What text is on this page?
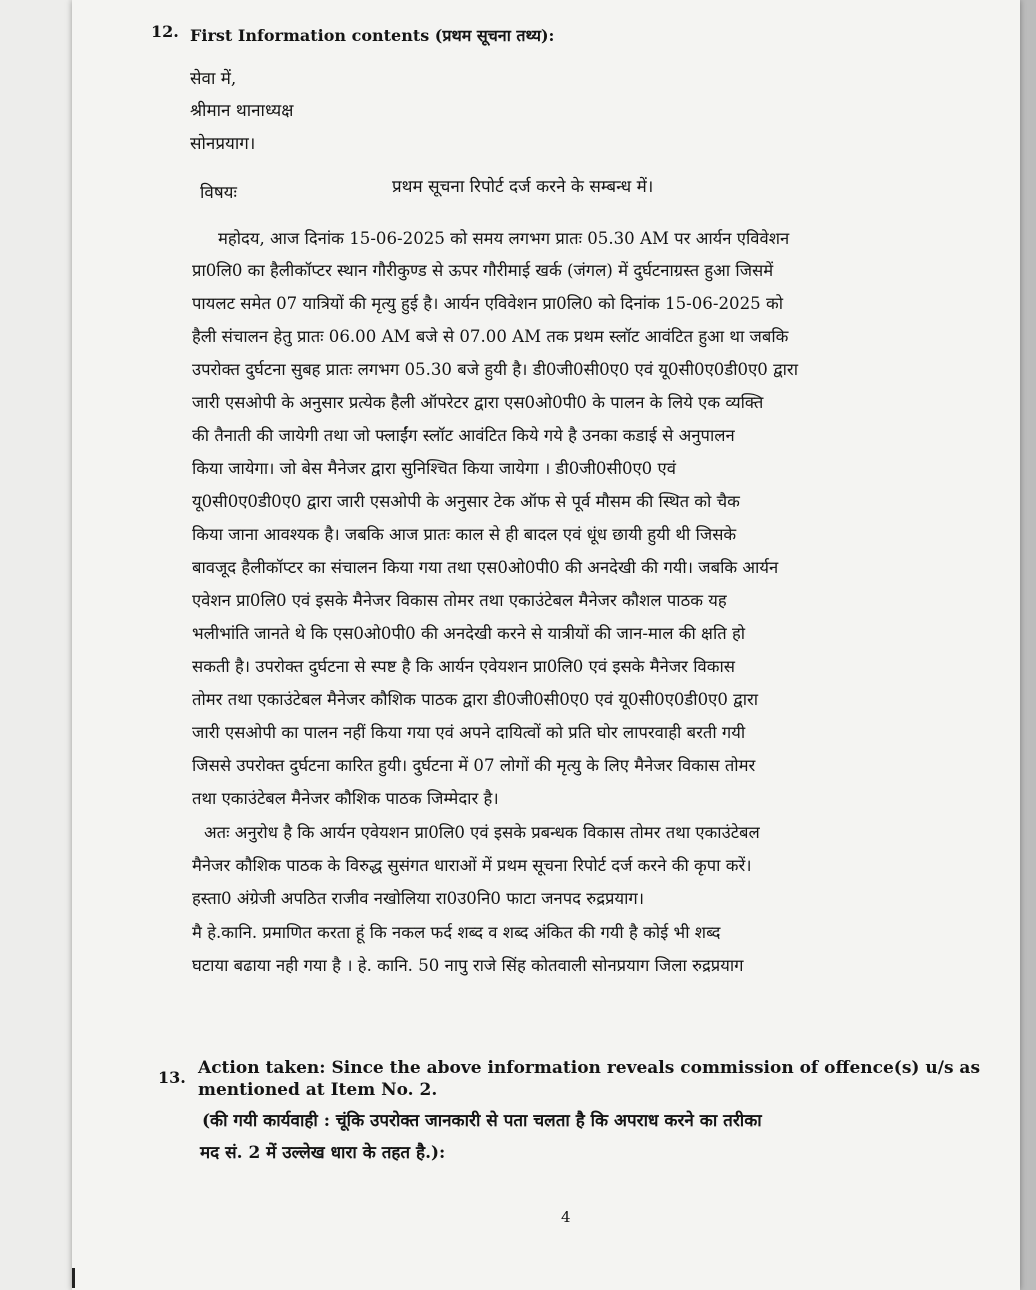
12. First Information contents (प्रथम सूचना तथ्य):
सेवा में,
श्रीमान थानाध्यक्ष
सोनप्रयाग।
विषयः	प्रथम सूचना रिपोर्ट दर्ज करने के सम्बन्ध में।
महोदय, आज दिनांक 15-06-2025 को समय लगभग प्रातः 05.30 AM पर आर्यन एविवेशन
प्रा0लि0 का हैलीकॉप्टर स्थान गौरीकुण्ड से ऊपर गौरीमाई खर्क (जंगल) में दुर्घटनाग्रस्त हुआ जिसमें
पायलट समेत 07 यात्रियों की मृत्यु हुई है। आर्यन एविवेशन प्रा0लि0 को दिनांक 15-06-2025 को
हैली संचालन हेतु प्रातः 06.00 AM बजे से 07.00 AM तक प्रथम स्लॉट आवंटित हुआ था जबकि
उपरोक्त दुर्घटना सुबह प्रातः लगभग 05.30 बजे हुयी है। डी0जी0सी0ए0 एवं यू0सी0ए0डी0ए0 द्वारा
जारी एसओपी के अनुसार प्रत्येक हैली ऑपरेटर द्वारा एस0ओ0पी0 के पालन के लिये एक व्यक्ति
की तैनाती की जायेगी तथा जो फ्लाईंग स्लॉट आवंटित किये गये है उनका कडाई से अनुपालन
किया जायेगा। जो बेस मैनेजर द्वारा सुनिश्चित किया जायेगा । डी0जी0सी0ए0 एवं
यू0सी0ए0डी0ए0 द्वारा जारी एसओपी के अनुसार टेक ऑफ से पूर्व मौसम की स्थित को चैक
किया जाना आवश्यक है। जबकि आज प्रातः काल से ही बादल एवं धूंध छायी हुयी थी जिसके
बावजूद हैलीकॉप्टर का संचालन किया गया तथा एस0ओ0पी0 की अनदेखी की गयी। जबकि आर्यन
एवेशन प्रा0लि0 एवं इसके मैनेजर विकास तोमर तथा एकाउंटेबल मैनेजर कौशल पाठक यह
भलीभांति जानते थे कि एस0ओ0पी0 की अनदेखी करने से यात्रीयों की जान-माल की क्षति हो
सकती है। उपरोक्त दुर्घटना से स्पष्ट है कि आर्यन एवेयशन प्रा0लि0 एवं इसके मैनेजर विकास
तोमर तथा एकाउंटेबल मैनेजर कौशिक पाठक द्वारा डी0जी0सी0ए0 एवं यू0सी0ए0डी0ए0 द्वारा
जारी एसओपी का पालन नहीं किया गया एवं अपने दायित्वों को प्रति घोर लापरवाही बरती गयी
जिससे उपरोक्त दुर्घटना कारित हुयी। दुर्घटना में 07 लोगों की मृत्यु के लिए मैनेजर विकास तोमर
तथा एकाउंटेबल मैनेजर कौशिक पाठक जिम्मेदार है।
अतः अनुरोध है कि आर्यन एवेयशन प्रा0लि0 एवं इसके प्रबन्धक विकास तोमर तथा एकाउंटेबल
मैनेजर कौशिक पाठक के विरुद्ध सुसंगत धाराओं में प्रथम सूचना रिपोर्ट दर्ज करने की कृपा करें।
हस्ता0 अंग्रेजी अपठित राजीव नखोलिया रा0उ0नि0 फाटा जनपद रुद्रप्रयाग।
मै हे.कानि. प्रमाणित करता हूं कि नकल फर्द शब्द व शब्द अंकित की गयी है कोई भी शब्द
घटाया बढाया नही गया है । हे. कानि. 50 नापु राजे सिंह कोतवाली सोनप्रयाग जिला रुद्रप्रयाग
13. Action taken: Since the above information reveals commission of offence(s) u/s as
mentioned at Item No. 2.
(की गयी कार्यवाही : चूंकि उपरोक्त जानकारी से पता चलता है कि अपराध करने का तरीका
मद सं. 2 में उल्लेख धारा के तहत है.):
4
